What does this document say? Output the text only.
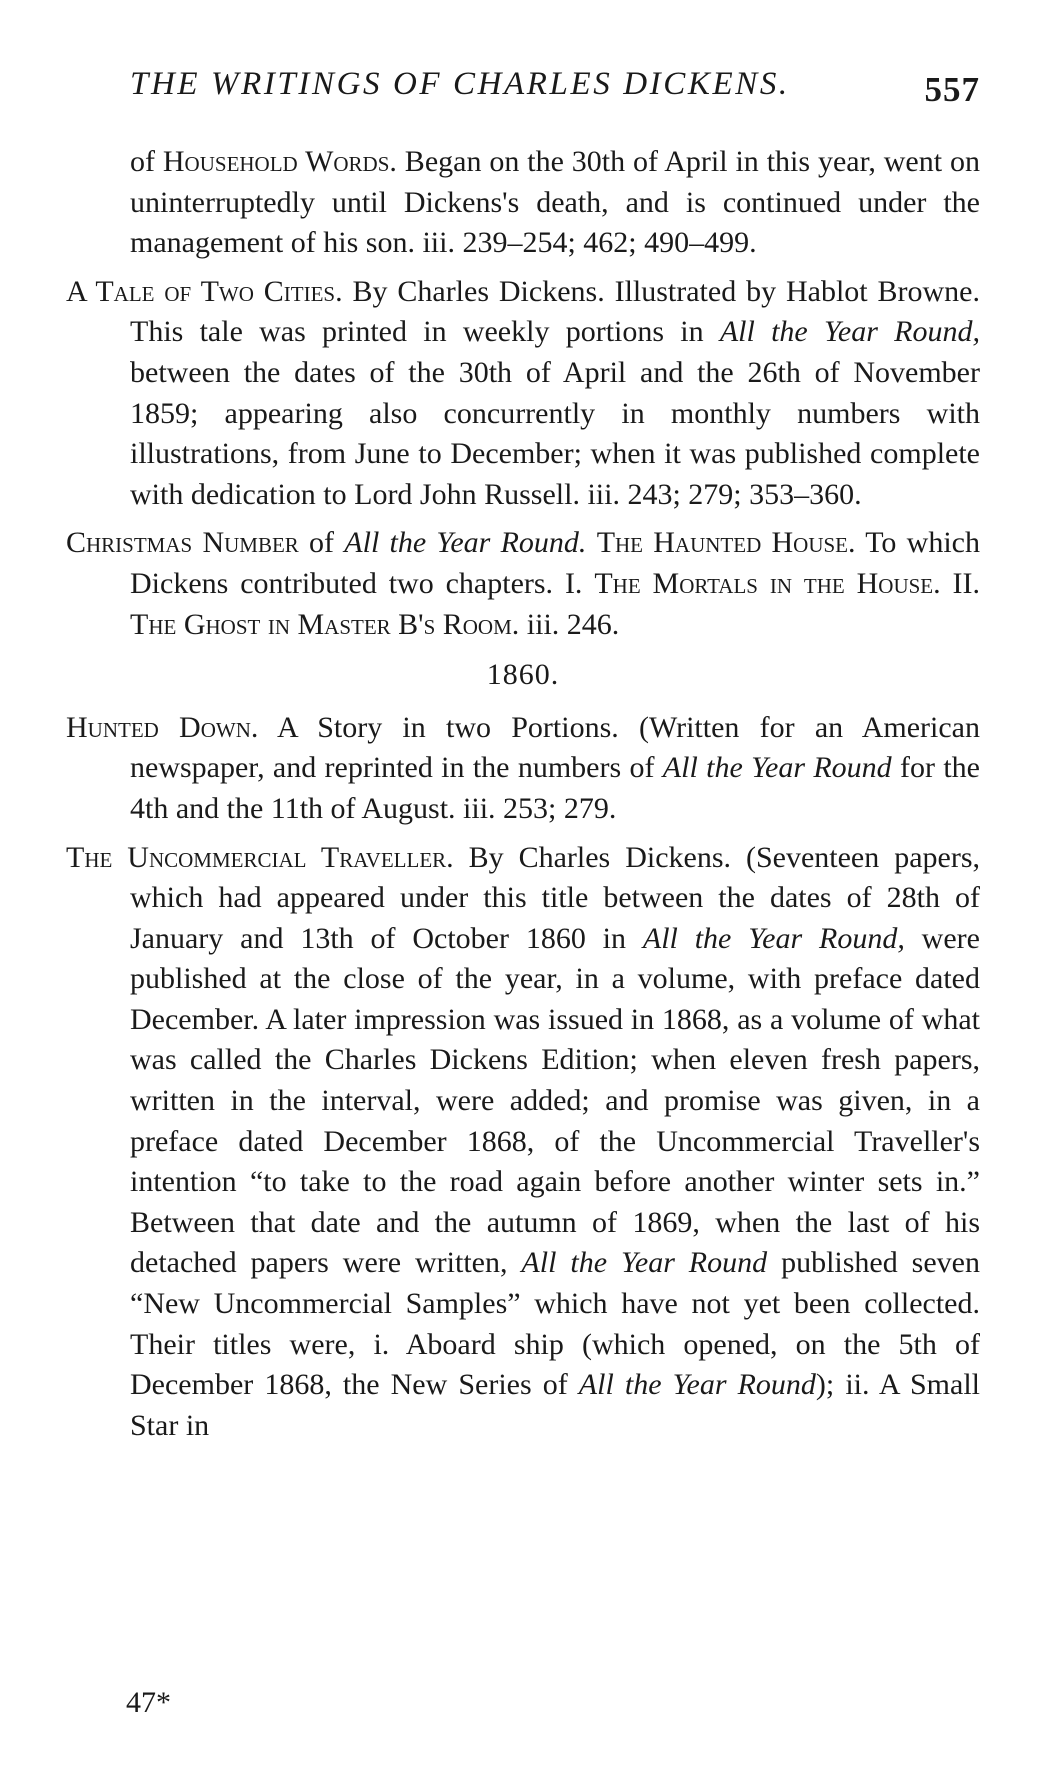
THE WRITINGS OF CHARLES DICKENS.	557

of Household Words. Began on the 30th of April in this year, went on uninterruptedly until Dickens's death, and is continued under the management of his son. iii. 239–254; 462; 490–499.

A Tale of Two Cities. By Charles Dickens. Illustrated by Hablot Browne. This tale was printed in weekly portions in All the Year Round, between the dates of the 30th of April and the 26th of November 1859; appearing also concurrently in monthly numbers with illustrations, from June to December; when it was published complete with dedication to Lord John Russell. iii. 243; 279; 353–360.

Christmas Number of All the Year Round. The Haunted House. To which Dickens contributed two chapters. I. The Mortals in the House. II. The Ghost in Master B's Room. iii. 246.

1860.

Hunted Down. A Story in two Portions. (Written for an American newspaper, and reprinted in the numbers of All the Year Round for the 4th and the 11th of August. iii. 253; 279.

The Uncommercial Traveller. By Charles Dickens. (Seventeen papers, which had appeared under this title between the dates of 28th of January and 13th of October 1860 in All the Year Round, were published at the close of the year, in a volume, with preface dated December. A later impression was issued in 1868, as a volume of what was called the Charles Dickens Edition; when eleven fresh papers, written in the interval, were added; and promise was given, in a preface dated December 1868, of the Uncommercial Traveller's intention “to take to the road again before another winter sets in.” Between that date and the autumn of 1869, when the last of his detached papers were written, All the Year Round published seven “New Uncommercial Samples” which have not yet been collected. Their titles were, i. Aboard ship (which opened, on the 5th of December 1868, the New Series of All the Year Round); ii. A Small Star in

47*
